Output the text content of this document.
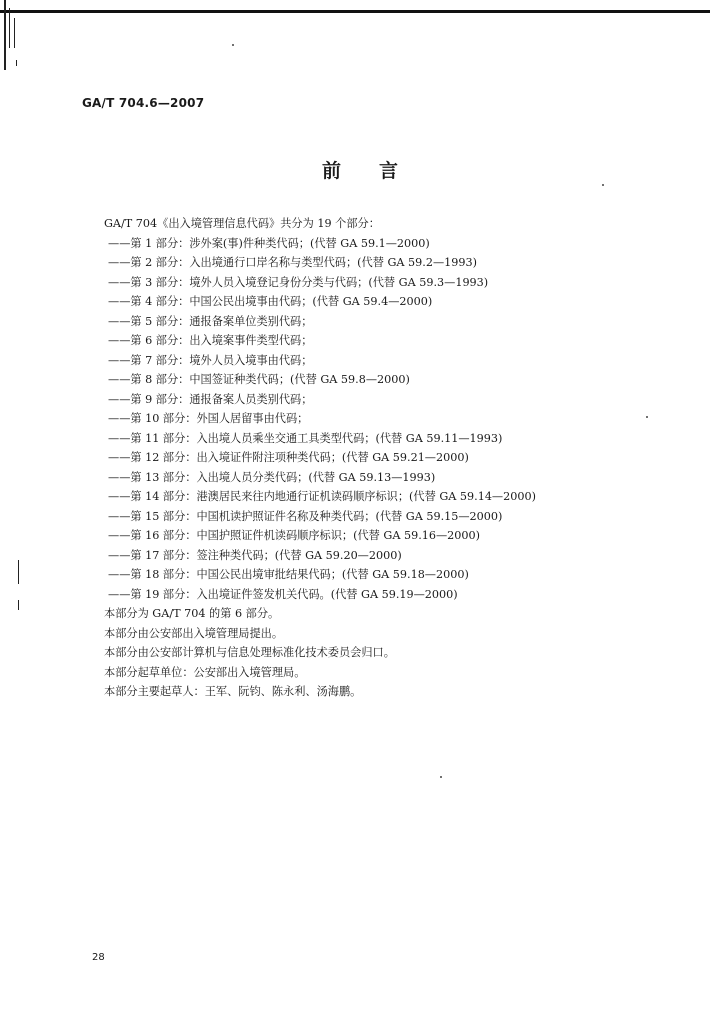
GA/T 704.6—2007
前言
GA/T 704《出入境管理信息代码》共分为 19 个部分：
——第 1 部分：涉外案(事)件种类代码；(代替 GA 59.1—2000)
——第 2 部分：入出境通行口岸名称与类型代码；(代替 GA 59.2—1993)
——第 3 部分：境外人员入境登记身份分类与代码；(代替 GA 59.3—1993)
——第 4 部分：中国公民出境事由代码；(代替 GA 59.4—2000)
——第 5 部分：通报备案单位类别代码；
——第 6 部分：出入境案事件类型代码；
——第 7 部分：境外人员入境事由代码；
——第 8 部分：中国签证种类代码；(代替 GA 59.8—2000)
——第 9 部分：通报备案人员类别代码；
——第 10 部分：外国人居留事由代码；
——第 11 部分：入出境人员乘坐交通工具类型代码；(代替 GA 59.11—1993)
——第 12 部分：出入境证件附注项种类代码；(代替 GA 59.21—2000)
——第 13 部分：入出境人员分类代码；(代替 GA 59.13—1993)
——第 14 部分：港澳居民来往内地通行证机读码顺序标识；(代替 GA 59.14—2000)
——第 15 部分：中国机读护照证件名称及种类代码；(代替 GA 59.15—2000)
——第 16 部分：中国护照证件机读码顺序标识；(代替 GA 59.16—2000)
——第 17 部分：签注种类代码；(代替 GA 59.20—2000)
——第 18 部分：中国公民出境审批结果代码；(代替 GA 59.18—2000)
——第 19 部分：入出境证件签发机关代码。(代替 GA 59.19—2000)
本部分为 GA/T 704 的第 6 部分。
本部分由公安部出入境管理局提出。
本部分由公安部计算机与信息处理标准化技术委员会归口。
本部分起草单位：公安部出入境管理局。
本部分主要起草人：王军、阮钧、陈永利、汤海鹏。
28
